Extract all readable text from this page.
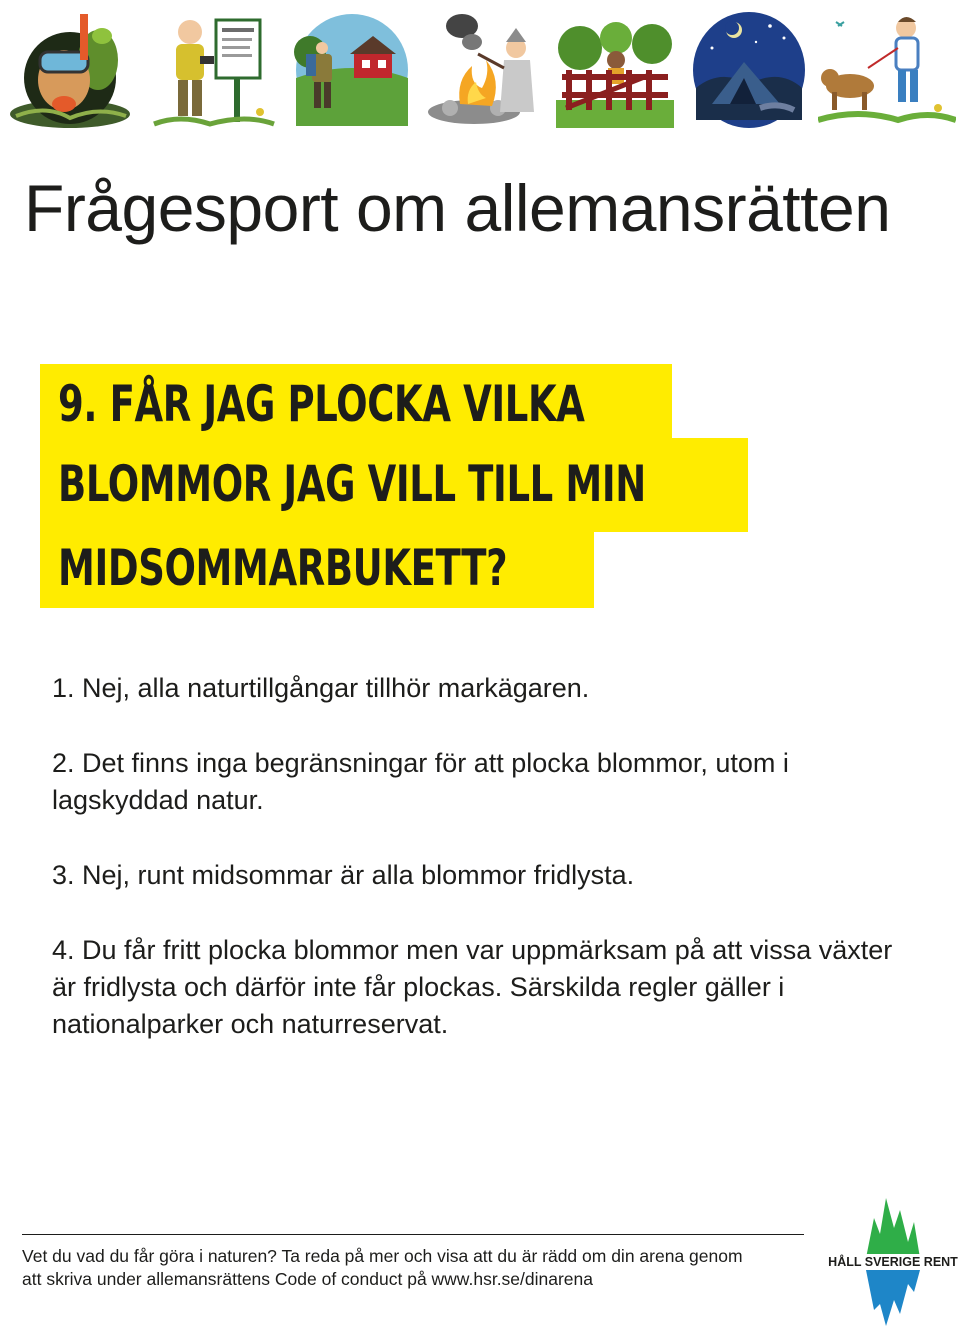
Frågesport om allemansrätten

9. FÅR JAG PLOCKA VILKA

BLOMMOR JAG VILL TILL MIN

MIDSOMMARBUKETT?

1. Nej, alla naturtillgångar tillhör markägaren.
2. Det finns inga begränsningar för att plocka blommor, utom i lagskyddad natur.
3. Nej, runt midsommar är alla blommor fridlysta.
4. Du får fritt plocka blommor men var uppmärksam på att vissa växter är fridlysta och därför inte får plockas. Särskilda regler gäller i nationalparker och naturreservat.

Vet du vad du får göra i naturen? Ta reda på mer och visa att du är rädd om din arena genom
att skriva under allemansrättens Code of conduct på www.hsr.se/dinarena

HÅLL SVERIGE RENT
